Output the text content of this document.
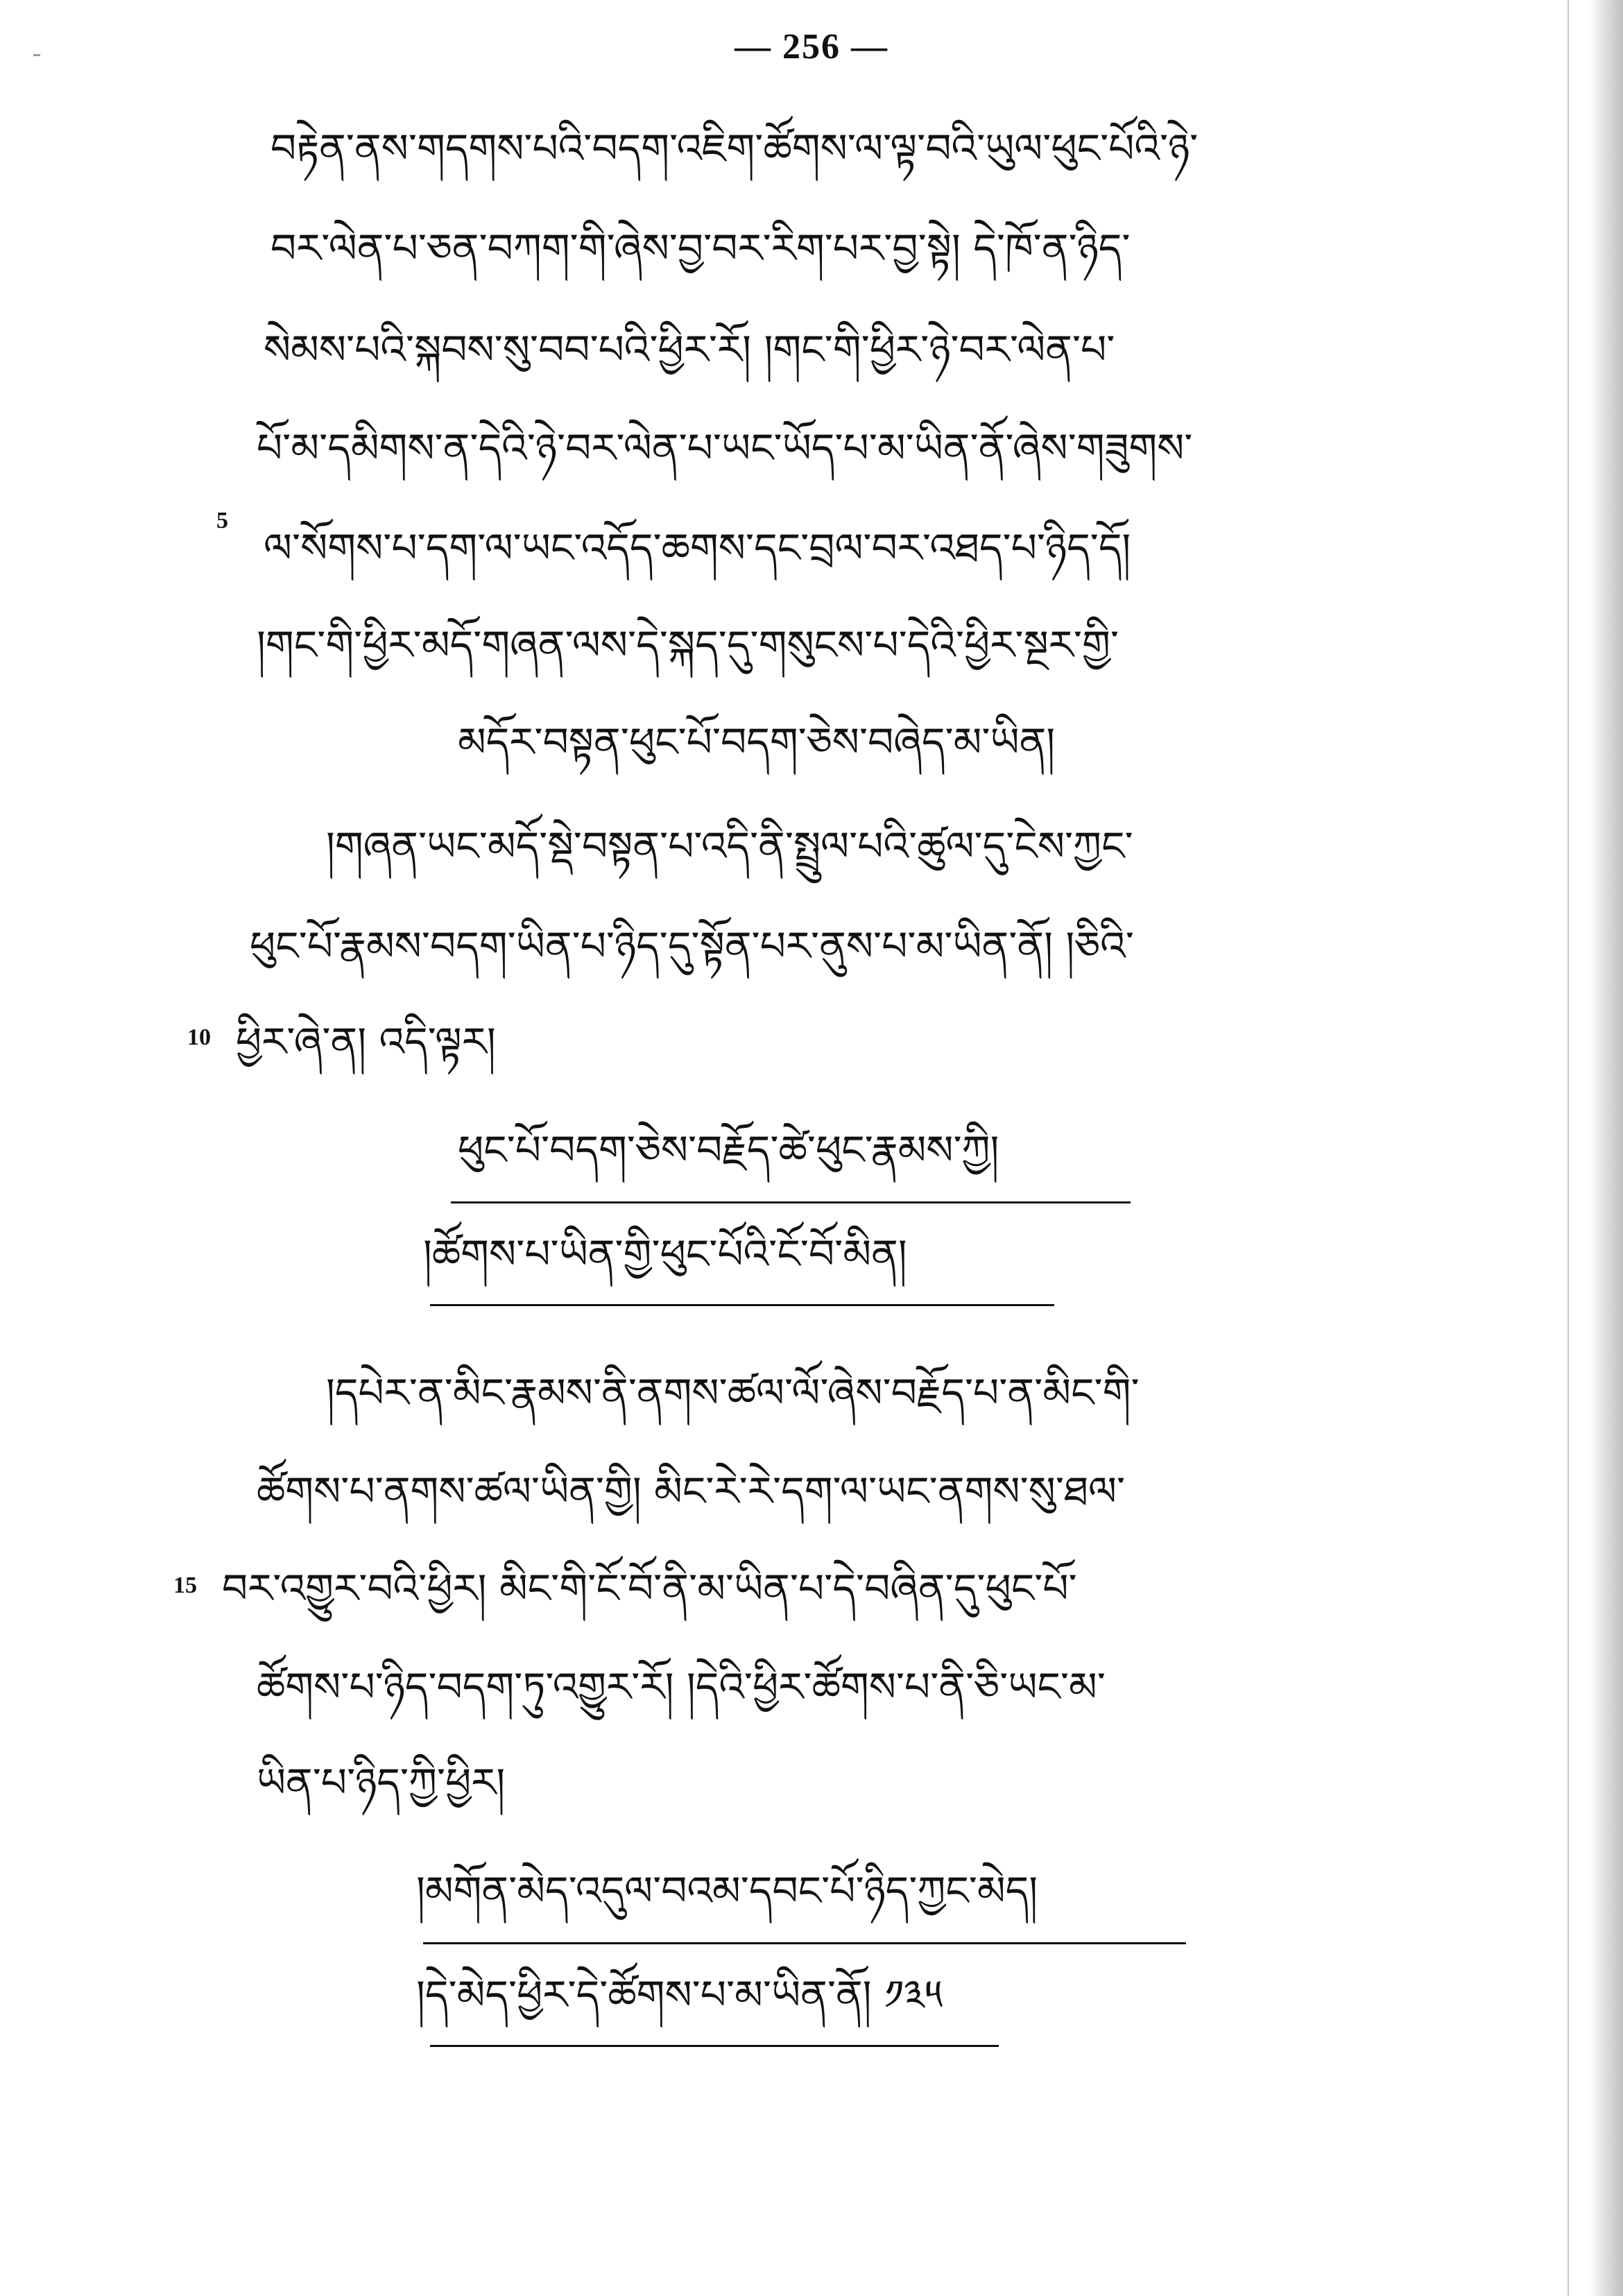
— 256 —
5
10
15
བརྟེན་ནས་གདགས་པའི་བདག་འཇིག་ཚོགས་ལ་ལྟ་བའི་ཡུལ་ཕུང་པོའི་ཉེ་
བར་ལེན་པ་ཅན་བཀག་གི་ཞེས་བྱ་བར་རིག་པར་བྱ་སྟེ། དེ་ཁོ་ན་ཉིད་
སེམས་པའི་སྐབས་སུ་བབ་པའི་ཕྱིར་རོ། །གང་གི་ཕྱིར་ཉེ་བར་ལེན་པ་
པོ་མ་དམིགས་ན་དེའི་ཉེ་བར་ལེན་པ་ཡང་ཡོད་པ་མ་ཡིན་ནོ་ཞེས་གཟུགས་
ལ་སོགས་པ་དག་ལ་ཡང་འདོད་ཆགས་དང་བྲལ་བར་འཐད་པ་ཉིད་དོ།
།གང་གི་ཕྱིར་མདོ་གཞན་ལས་དེ་སྐད་དུ་གསུངས་པ་དེའི་ཕྱིར་སྔར་གྱི་
མདོར་བསྟན་ཕུང་པོ་བདག་ཅེས་བཞེད་མ་ཡིན།
།གཞན་ཡང་མདོ་སྡེ་བསྟན་པ་འདི་ནི་སྤྲུལ་པའི་ཚུལ་དུ་ངེས་ཀྱང་
ཕུང་པོ་རྣམས་བདག་ཡིན་པ་ཉིད་དུ་སྟོན་པར་ནུས་པ་མ་ཡིན་ནོ། །ཅིའི་
ཕྱིར་ཞེ་ན། འདི་ལྟར།
ཕུང་པོ་བདག་ཅེས་བརྗོད་ཚེ་ཕུང་རྣམས་ཀྱི།
།ཚོགས་པ་ཡིན་གྱི་ཕུང་པོའི་ངོ་བོ་མིན།
།དཔེར་ན་མིང་རྣམས་ནི་ནགས་ཚལ་ལོ་ཞེས་བརྗོད་པ་ན་མིང་གི་
ཚོགས་པ་ནགས་ཚལ་ཡིན་གྱི། མིང་རེ་རེ་དག་ལ་ཡང་ནགས་སུ་ཐལ་
བར་འགྱུར་བའི་ཕྱིར། མིང་གི་ངོ་བོ་ནི་མ་ཡིན་པ་དེ་བཞིན་དུ་ཕུང་པོ་
ཚོགས་པ་ཉིད་བདག་ཏུ་འགྱུར་རོ། །དེའི་ཕྱིར་ཚོགས་པ་ནི་ཅི་ཡང་མ་
ཡིན་པ་ཉིད་ཀྱི་ཕྱིར།
།མགོན་མེད་འདུལ་བའམ་དབང་པོ་ཉིད་ཀྱང་མེད།
།དེ་མེད་ཕྱིར་དེ་ཚོགས་པ་མ་ཡིན་ནོ། ༡༣༥
